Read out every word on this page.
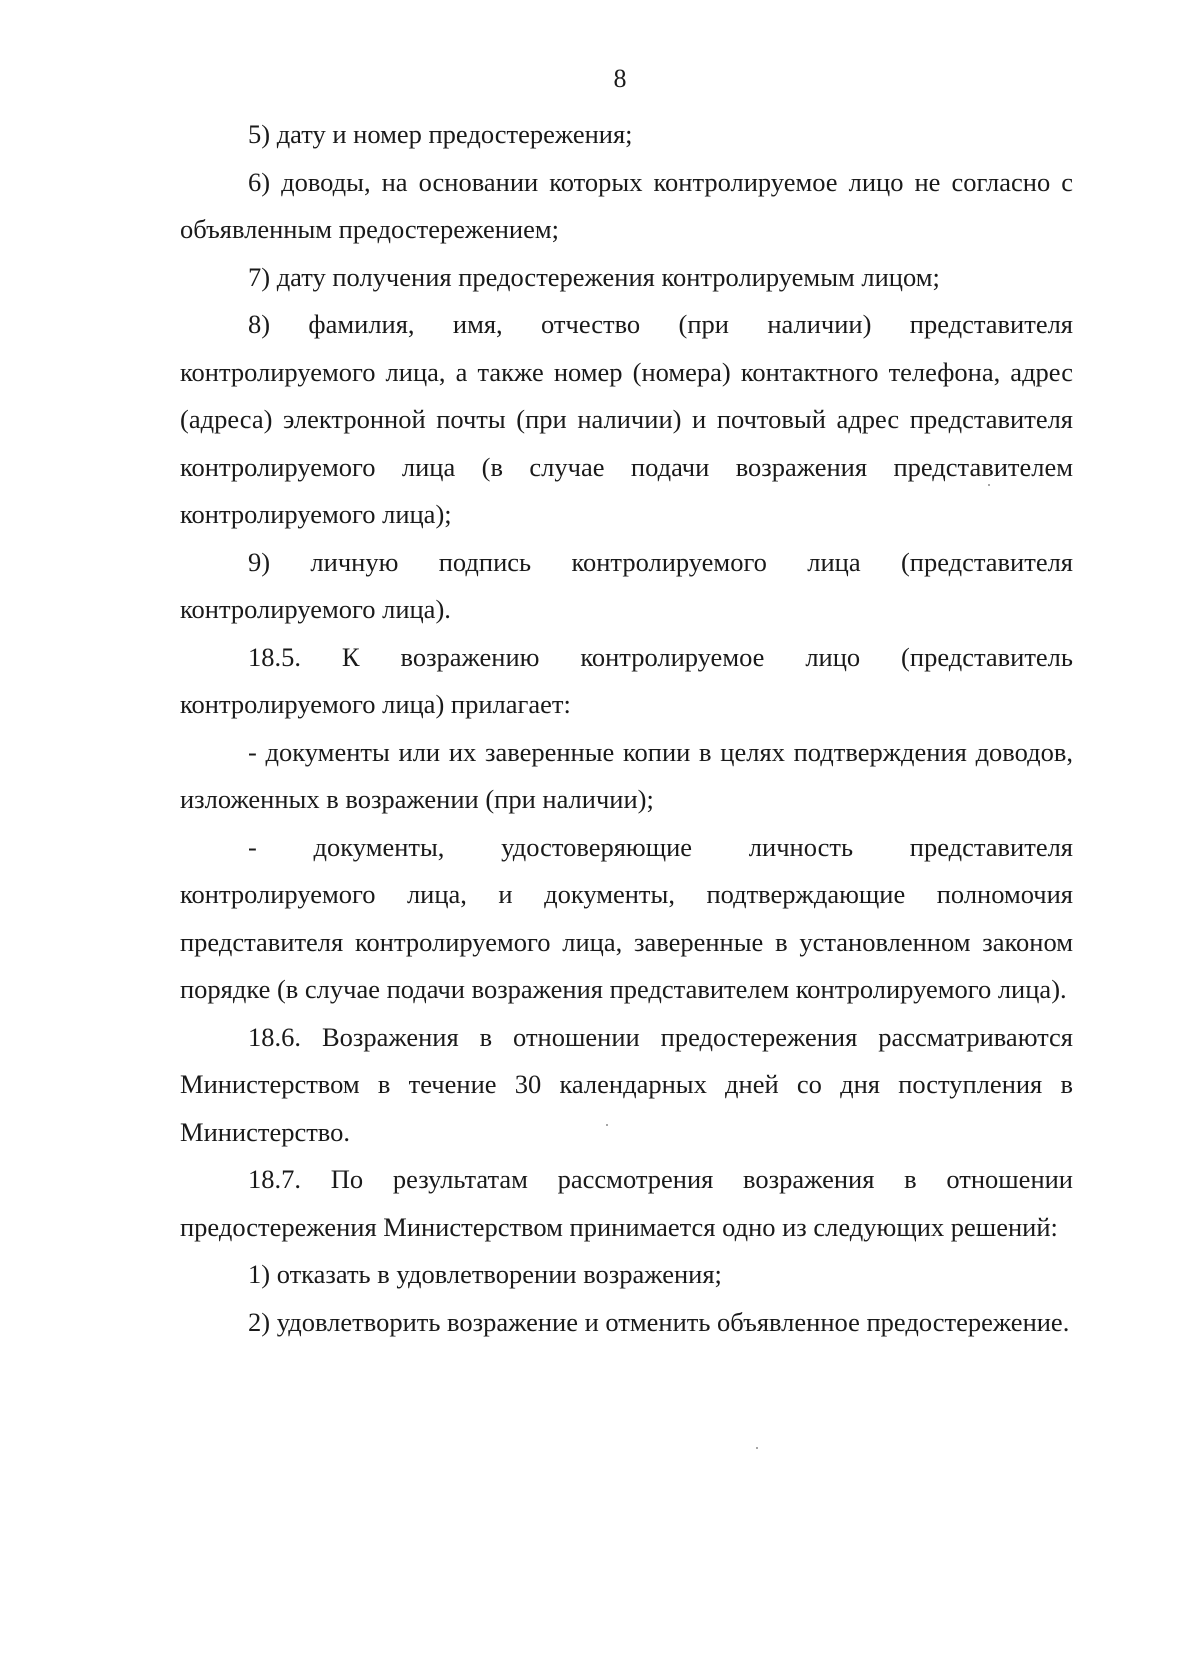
8

5) дату и номер предостережения;

6) доводы, на основании которых контролируемое лицо не согласно с объявленным предостережением;

7) дату получения предостережения контролируемым лицом;

8) фамилия, имя, отчество (при наличии) представителя контролируемого лица, а также номер (номера) контактного телефона, адрес (адреса) электронной почты (при наличии) и почтовый адрес представителя контролируемого лица (в случае подачи возражения представителем контролируемого лица);

9) личную подпись контролируемого лица (представителя контролируемого лица).

18.5. К возражению контролируемое лицо (представитель контролируемого лица) прилагает:

- документы или их заверенные копии в целях подтверждения доводов, изложенных в возражении (при наличии);

- документы, удостоверяющие личность представителя контролируемого лица, и документы, подтверждающие полномочия представителя контролируемого лица, заверенные в установленном законом порядке (в случае подачи возражения представителем контролируемого лица).

18.6. Возражения в отношении предостережения рассматриваются Министерством в течение 30 календарных дней со дня поступления в Министерство.

18.7. По результатам рассмотрения возражения в отношении предостережения Министерством принимается одно из следующих решений:

1) отказать в удовлетворении возражения;

2) удовлетворить возражение и отменить объявленное предостережение.
